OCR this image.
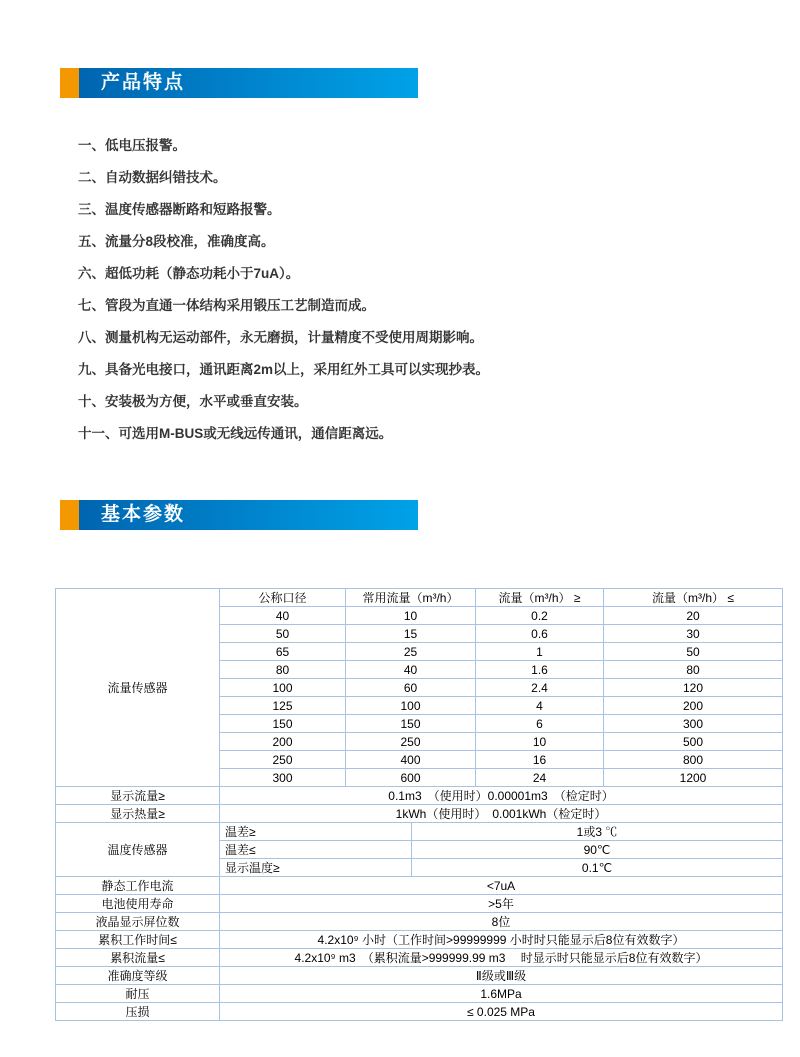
产品特点
一、低电压报警。
二、自动数据纠错技术。
三、温度传感器断路和短路报警。
五、流量分8段校准，准确度高。
六、超低功耗（静态功耗小于7uA）。
七、管段为直通一体结构采用锻压工艺制造而成。
八、测量机构无运动部件，永无磨损，计量精度不受使用周期影响。
九、具备光电接口，通讯距离2m以上，采用红外工具可以实现抄表。
十、安装极为方便，水平或垂直安装。
十一、可选用M-BUS或无线远传通讯，通信距离远。
基本参数
流量传感器
公称口径	常用流量（m³/h）	流量（m³/h） ≥	流量（m³/h） ≤
40	10	0.2	20
50	15	0.6	30
65	25	1	50
80	40	1.6	80
100	60	2.4	120
125	100	4	200
150	150	6	300
200	250	10	500
250	400	16	800
300	600	24	1200
显示流量≥	0.1m3　（使用时）0.00001m3　（检定时）
显示热量≥	1kWh（使用时）　0.001kWh（检定时）
温度传感器
温差≥	1或3 ℃
温差≤	90℃
显示温度≥	0.1℃
静态工作电流	<7uA
电池使用寿命	>5年
液晶显示屏位数	8位
累积工作时间≤	4.2x10⁹ 小时（工作时间>99999999 小时时只能显示后8位有效数字）
累积流量≤	4.2x10⁹ m3　（累积流量>999999.99 m3　 时显示时只能显示后8位有效数字）
准确度等级	Ⅱ级或Ⅲ级
耐压	1.6MPa
压损	≤ 0.025 MPa
